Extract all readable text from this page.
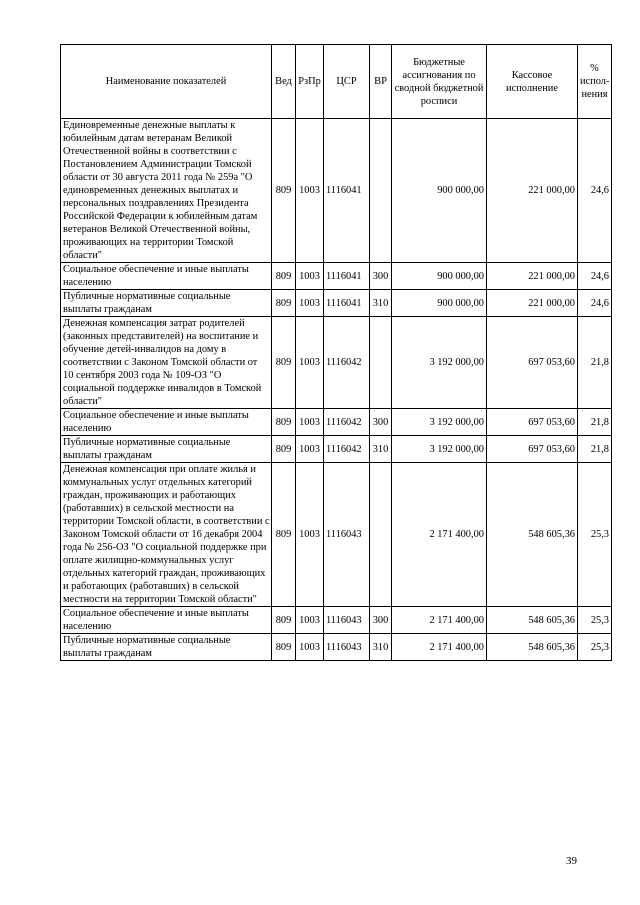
Наименование показателей	Вед	РзПр	ЦСР	ВР	Бюджетные ассигнования по сводной бюджетной росписи	Кассовое исполнение	% испол-нения
Единовременные денежные выплаты к юбилейным датам ветеранам Великой Отечественной войны в соответствии с Постановлением Администрации Томской области от 30 августа 2011 года № 259а "О единовременных денежных выплатах и персональных поздравлениях Президента Российской Федерации к юбилейным датам ветеранов Великой Отечественной войны, проживающих на территории Томской области"	809	1003	1116041		900 000,00	221 000,00	24,6
Социальное обеспечение и иные выплаты населению	809	1003	1116041	300	900 000,00	221 000,00	24,6
Публичные нормативные социальные выплаты гражданам	809	1003	1116041	310	900 000,00	221 000,00	24,6
Денежная компенсация затрат родителей (законных представителей) на воспитание и обучение детей-инвалидов на дому в соответствии с Законом Томской области от 10 сентября 2003 года № 109-ОЗ "О социальной поддержке инвалидов в Томской области"	809	1003	1116042		3 192 000,00	697 053,60	21,8
Социальное обеспечение и иные выплаты населению	809	1003	1116042	300	3 192 000,00	697 053,60	21,8
Публичные нормативные социальные выплаты гражданам	809	1003	1116042	310	3 192 000,00	697 053,60	21,8
Денежная компенсация при оплате жилья и коммунальных услуг отдельных категорий граждан, проживающих и работающих (работавших) в сельской местности на территории Томской области, в соответствии с Законом Томской области от 16 декабря 2004 года № 256-ОЗ "О социальной поддержке при оплате жилищно-коммунальных услуг отдельных категорий граждан, проживающих и работающих (работавших) в сельской местности на территории Томской области"	809	1003	1116043		2 171 400,00	548 605,36	25,3
Социальное обеспечение и иные выплаты населению	809	1003	1116043	300	2 171 400,00	548 605,36	25,3
Публичные нормативные социальные выплаты гражданам	809	1003	1116043	310	2 171 400,00	548 605,36	25,3
39
